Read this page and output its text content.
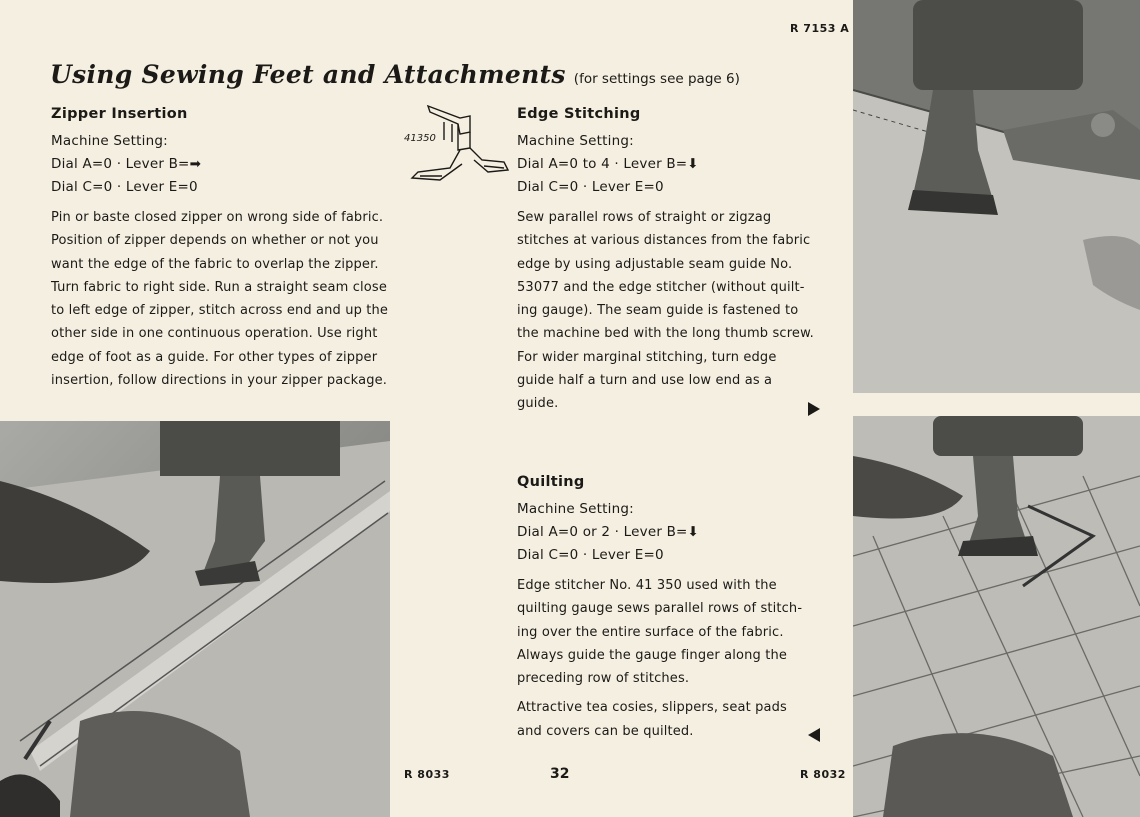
R 7153 A
Using Sewing Feet and Attachments (for settings see page 6)
Zipper Insertion
Machine Setting:
Dial A=0 · Lever B=➡
Dial C=0 · Lever E=0
Pin or baste closed zipper on wrong side of fabric.
Position of zipper depends on whether or not you
want the edge of the fabric to overlap the zipper.
Turn fabric to right side. Run a straight seam close
to left edge of zipper, stitch across end and up the
other side in one continuous operation. Use right
edge of foot as a guide. For other types of zipper
insertion, follow directions in your zipper package.
41350
Edge Stitching
Machine Setting:
Dial A=0 to 4 · Lever B=⬇
Dial C=0 · Lever E=0
Sew parallel rows of straight or zigzag
stitches at various distances from the fabric
edge by using adjustable seam guide No.
53077 and the edge stitcher (without quilt-
ing gauge). The seam guide is fastened to
the machine bed with the long thumb screw.
For wider marginal stitching, turn edge
guide half a turn and use low end as a
guide.
Quilting
Machine Setting:
Dial A=0 or 2 · Lever B=⬇
Dial C=0 · Lever E=0
Edge stitcher No. 41 350 used with the
quilting gauge sews parallel rows of stitch-
ing over the entire surface of the fabric.
Always guide the gauge finger along the
preceding row of stitches.
Attractive tea cosies, slippers, seat pads
and covers can be quilted.
R 8033	32	R 8032
